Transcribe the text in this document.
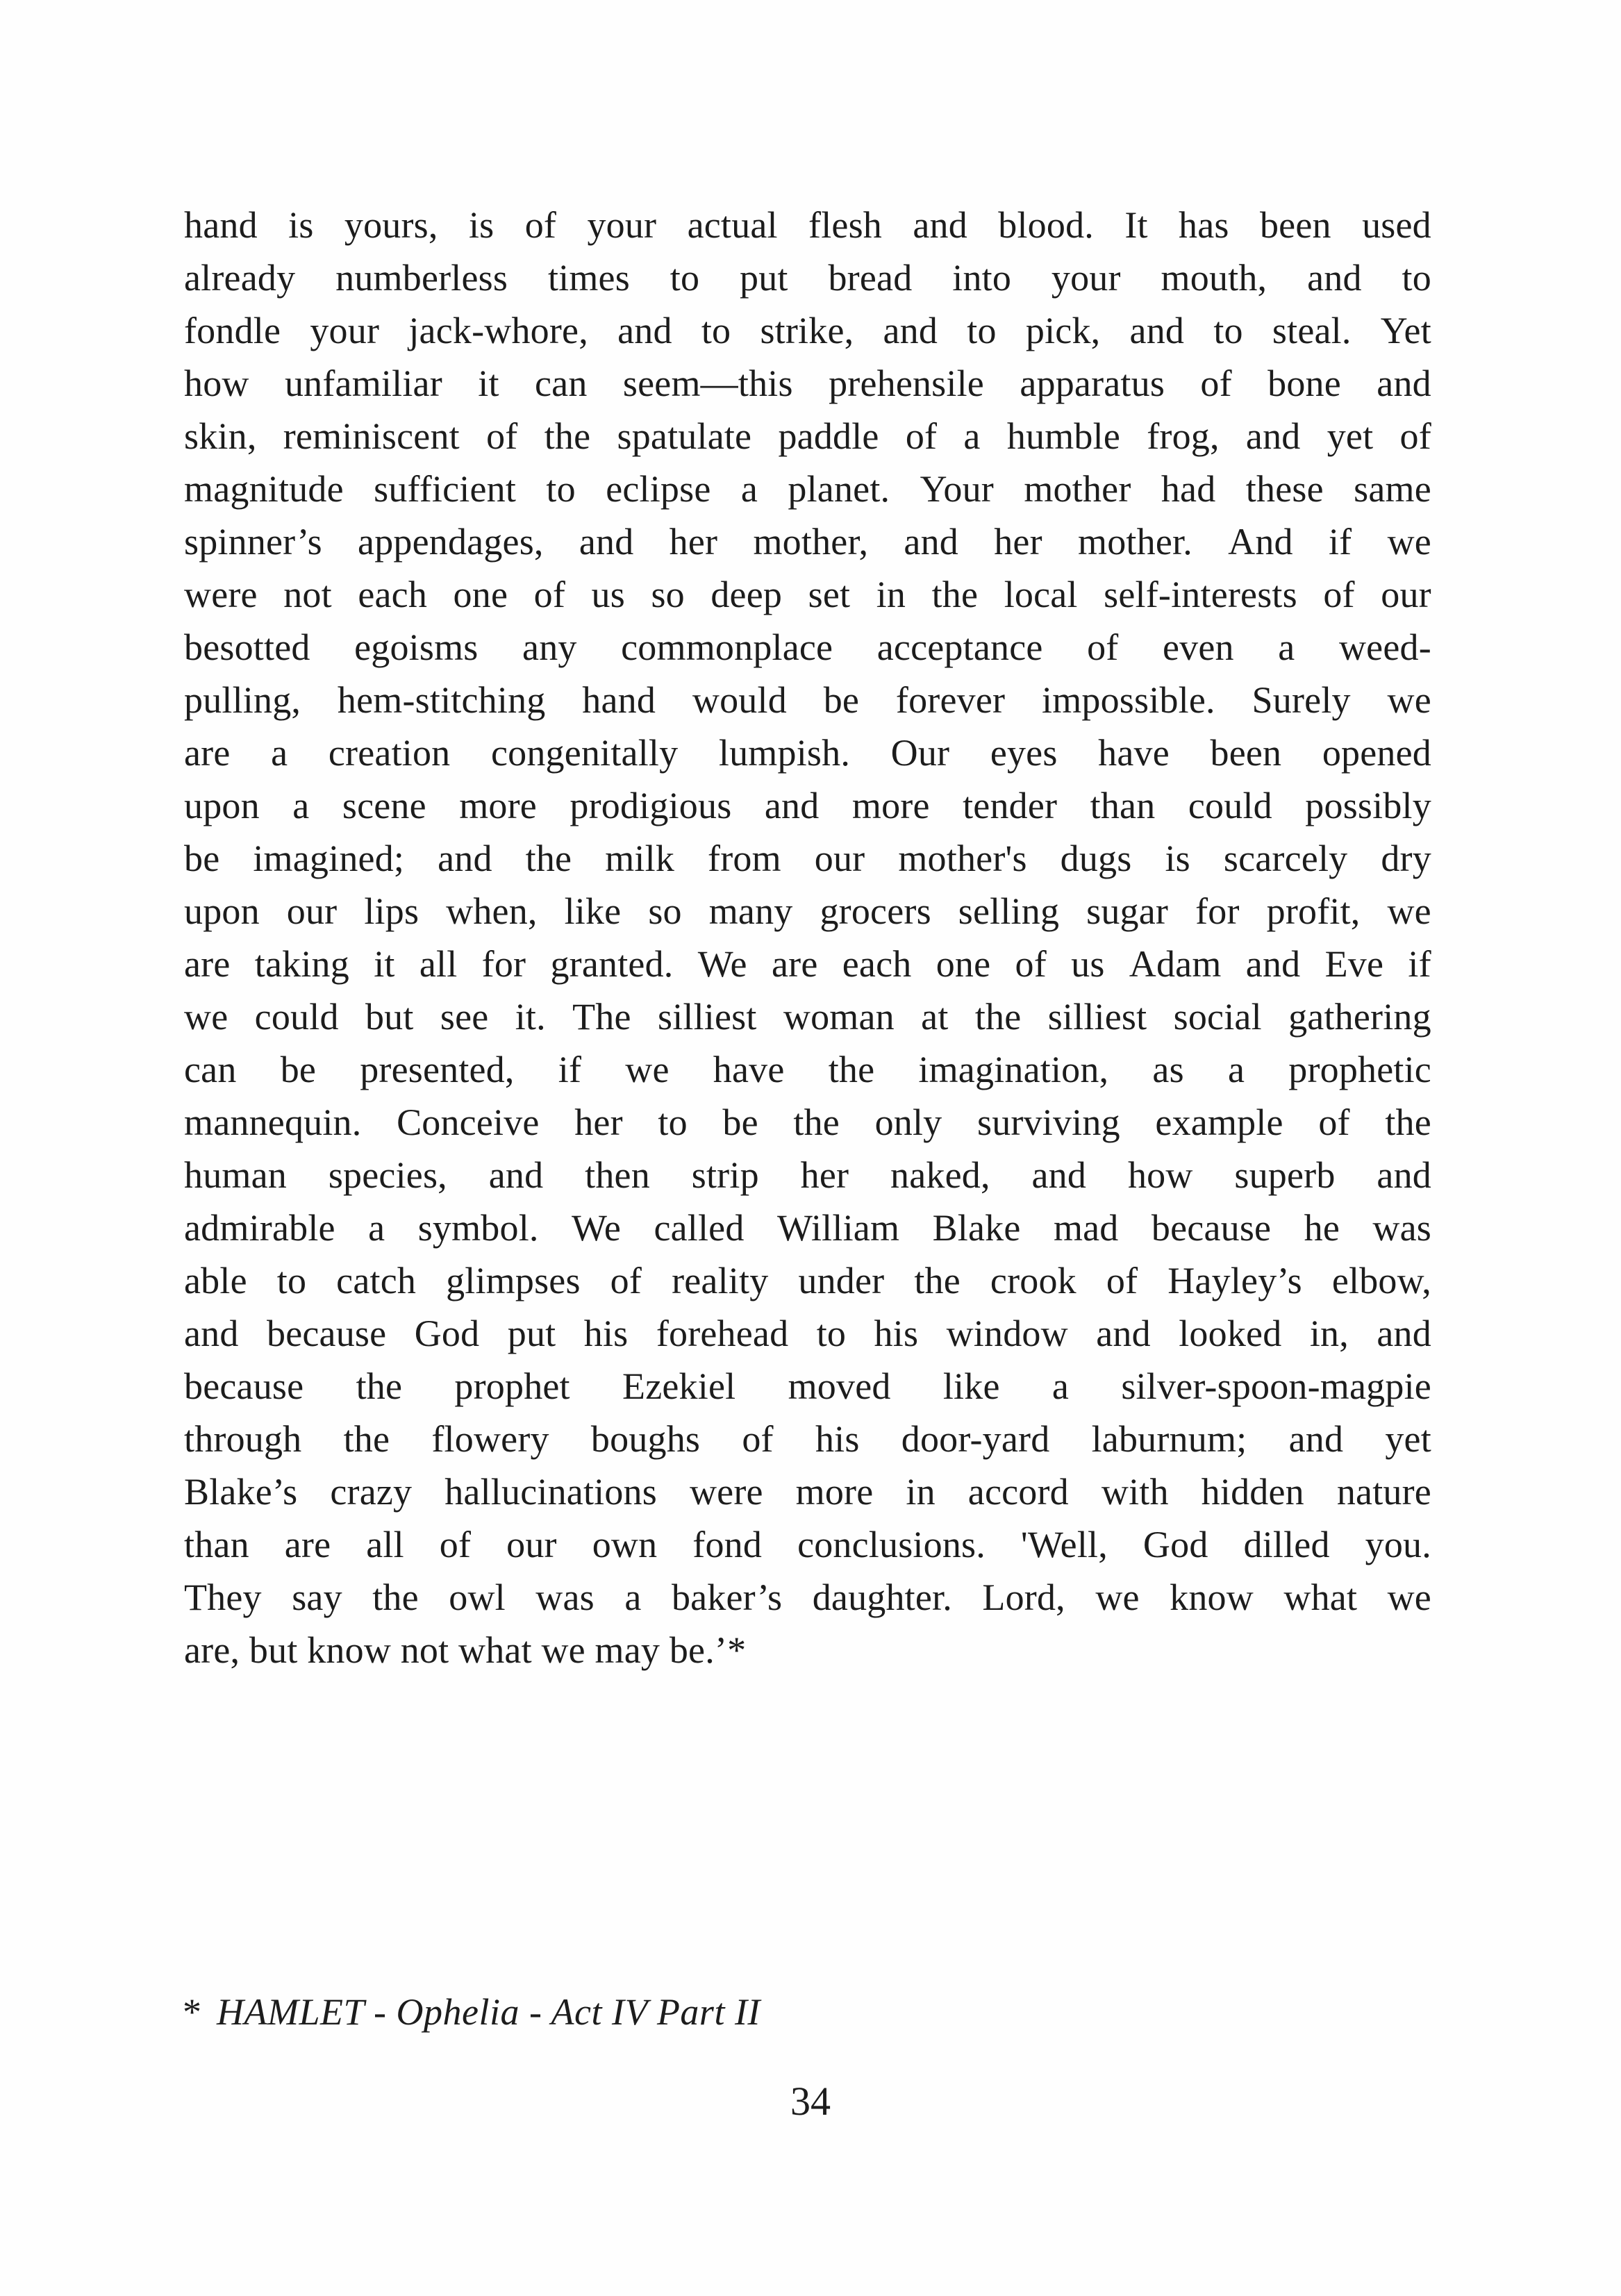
hand is yours, is of your actual flesh and blood. It has been used
already numberless times to put bread into your mouth, and to
fondle your jack-whore, and to strike, and to pick, and to steal. Yet
how unfamiliar it can seem—this prehensile apparatus of bone and
skin, reminiscent of the spatulate paddle of a humble frog, and yet of
magnitude sufficient to eclipse a planet. Your mother had these same
spinner’s appendages, and her mother, and her mother. And if we
were not each one of us so deep set in the local self-interests of our
besotted egoisms any commonplace acceptance of even a weed-
pulling, hem-stitching hand would be forever impossible. Surely we
are a creation congenitally lumpish. Our eyes have been opened
upon a scene more prodigious and more tender than could possibly
be imagined; and the milk from our mother's dugs is scarcely dry
upon our lips when, like so many grocers selling sugar for profit, we
are taking it all for granted. We are each one of us Adam and Eve if
we could but see it. The silliest woman at the silliest social gathering
can be presented, if we have the imagination, as a prophetic
mannequin. Conceive her to be the only surviving example of the
human species, and then strip her naked, and how superb and
admirable a symbol. We called William Blake mad because he was
able to catch glimpses of reality under the crook of Hayley’s elbow,
and because God put his forehead to his window and looked in, and
because the prophet Ezekiel moved like a silver-spoon-magpie
through the flowery boughs of his door-yard laburnum; and yet
Blake’s crazy hallucinations were more in accord with hidden nature
than are all of our own fond conclusions. 'Well, God dilled you.
They say the owl was a baker’s daughter. Lord, we know what we
are, but know not what we may be.’*
* HAMLET - Ophelia - Act IV Part II
34
